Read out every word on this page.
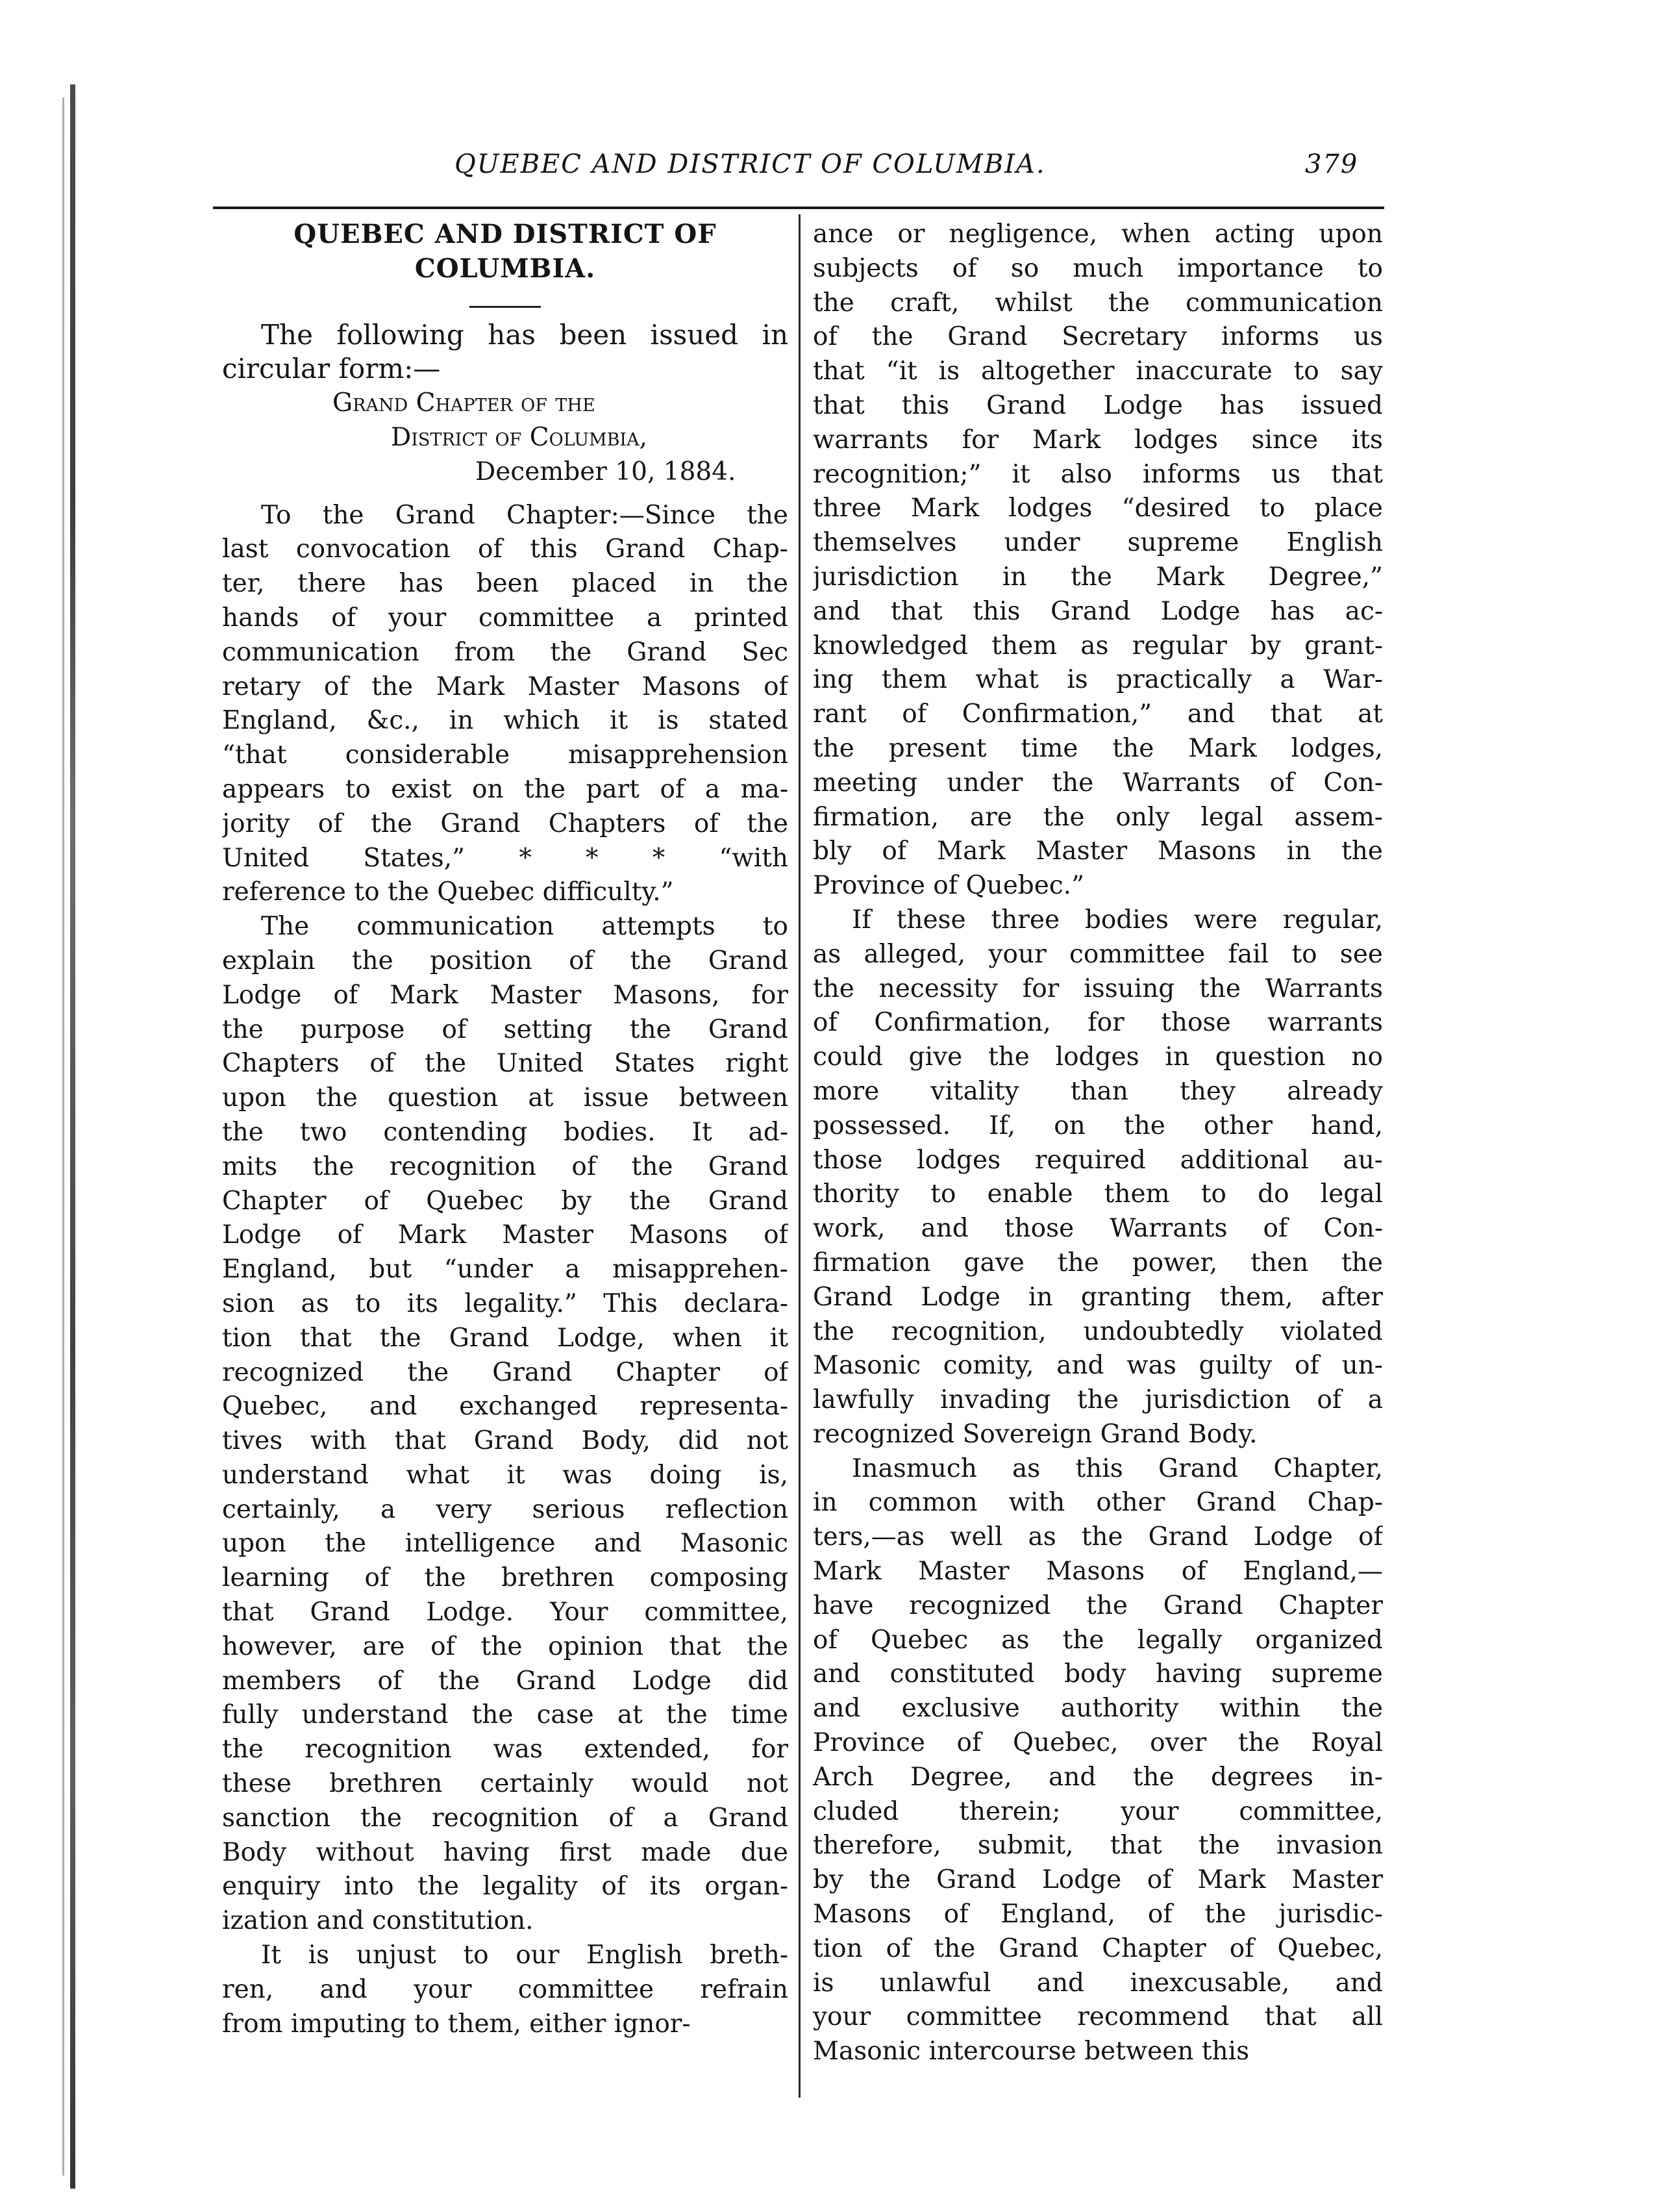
QUEBEC AND DISTRICT OF COLUMBIA.	379
QUEBEC AND DISTRICT OF
COLUMBIA.
The following has been issued in
circular form:—
Grand Chapter of the
District of Columbia,
December 10, 1884.
To the Grand Chapter:—Since the
last convocation of this Grand Chap-
ter, there has been placed in the
hands of your committee a printed
communication from the Grand Sec
retary of the Mark Master Masons of
England, &c., in which it is stated
“that considerable misapprehension
appears to exist on the part of a ma-
jority of the Grand Chapters of the
United States,” * * * “with
reference to the Quebec difficulty.”
The communication attempts to
explain the position of the Grand
Lodge of Mark Master Masons, for
the purpose of setting the Grand
Chapters of the United States right
upon the question at issue between
the two contending bodies. It ad-
mits the recognition of the Grand
Chapter of Quebec by the Grand
Lodge of Mark Master Masons of
England, but “under a misapprehen-
sion as to its legality.” This declara-
tion that the Grand Lodge, when it
recognized the Grand Chapter of
Quebec, and exchanged representa-
tives with that Grand Body, did not
understand what it was doing is,
certainly, a very serious reflection
upon the intelligence and Masonic
learning of the brethren composing
that Grand Lodge. Your committee,
however, are of the opinion that the
members of the Grand Lodge did
fully understand the case at the time
the recognition was extended, for
these brethren certainly would not
sanction the recognition of a Grand
Body without having first made due
enquiry into the legality of its organ-
ization and constitution.
It is unjust to our English breth-
ren, and your committee refrain
from imputing to them, either ignor-
ance or negligence, when acting upon
subjects of so much importance to
the craft, whilst the communication
of the Grand Secretary informs us
that “it is altogether inaccurate to say
that this Grand Lodge has issued
warrants for Mark lodges since its
recognition;” it also informs us that
three Mark lodges “desired to place
themselves under supreme English
jurisdiction in the Mark Degree,”
and that this Grand Lodge has ac-
knowledged them as regular by grant-
ing them what is practically a War-
rant of Confirmation,” and that at
the present time the Mark lodges,
meeting under the Warrants of Con-
firmation, are the only legal assem-
bly of Mark Master Masons in the
Province of Quebec.”
If these three bodies were regular,
as alleged, your committee fail to see
the necessity for issuing the Warrants
of Confirmation, for those warrants
could give the lodges in question no
more vitality than they already
possessed. If, on the other hand,
those lodges required additional au-
thority to enable them to do legal
work, and those Warrants of Con-
firmation gave the power, then the
Grand Lodge in granting them, after
the recognition, undoubtedly violated
Masonic comity, and was guilty of un-
lawfully invading the jurisdiction of a
recognized Sovereign Grand Body.
Inasmuch as this Grand Chapter,
in common with other Grand Chap-
ters,—as well as the Grand Lodge of
Mark Master Masons of England,—
have recognized the Grand Chapter
of Quebec as the legally organized
and constituted body having supreme
and exclusive authority within the
Province of Quebec, over the Royal
Arch Degree, and the degrees in-
cluded therein; your committee,
therefore, submit, that the invasion
by the Grand Lodge of Mark Master
Masons of England, of the jurisdic-
tion of the Grand Chapter of Quebec,
is unlawful and inexcusable, and
your committee recommend that all
Masonic intercourse between this
